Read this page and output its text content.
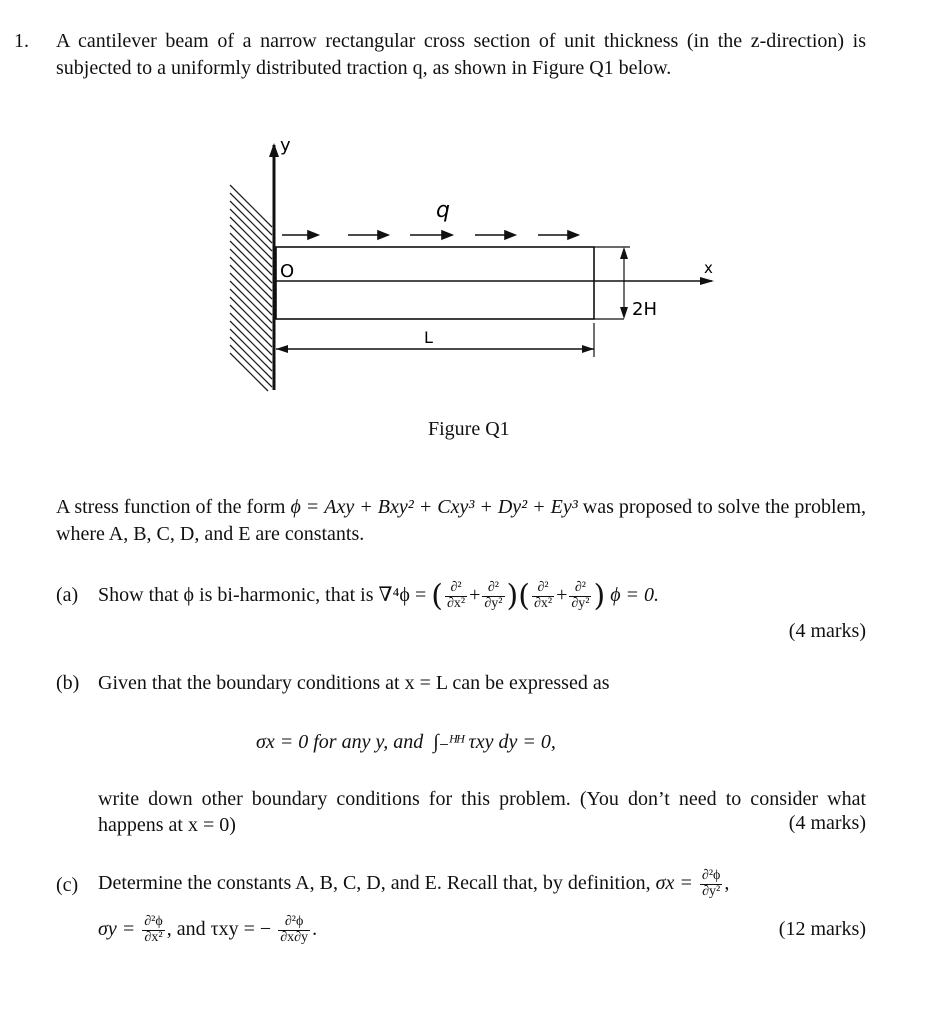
1. A cantilever beam of a narrow rectangular cross section of unit thickness (in the z-direction) is subjected to a uniformly distributed traction q, as shown in Figure Q1 below.
y
q
x
O
2H
L
Figure Q1
A stress function of the form ϕ = Axy + Bxy² + Cxy³ + Dy² + Ey³ was proposed to solve the problem, where A, B, C, D, and E are constants.
(a) Show that ϕ is bi-harmonic, that is ∇⁴ϕ = ( $\frac{\text{∂²}}{\text{∂x²}} + \frac{\text{∂²}}{\text{∂y²}}$ )( $\frac{\text{∂²}}{\text{∂x²}} + \frac{\text{∂²}}{\text{∂y²}}$ ) ϕ = 0.
(4 marks)
(b) Given that the boundary conditions at x = L can be expressed as
σx = 0 for any y, and ∫₋ᴴᴴ τxy dy = 0,
write down other boundary conditions for this problem. (You don’t need to consider what happens at x = 0)	(4 marks)
(c) Determine the constants A, B, C, D, and E. Recall that, by definition, $\sigma x = \frac{\text{∂²ϕ}}{\text{∂y²}}$ ,
$\sigma y = \frac{\text{∂²ϕ}}{\text{∂x²}}$ , and τxy = − $\frac{\text{∂²ϕ}}{\partial x\partial y}$ .	(12 marks)
